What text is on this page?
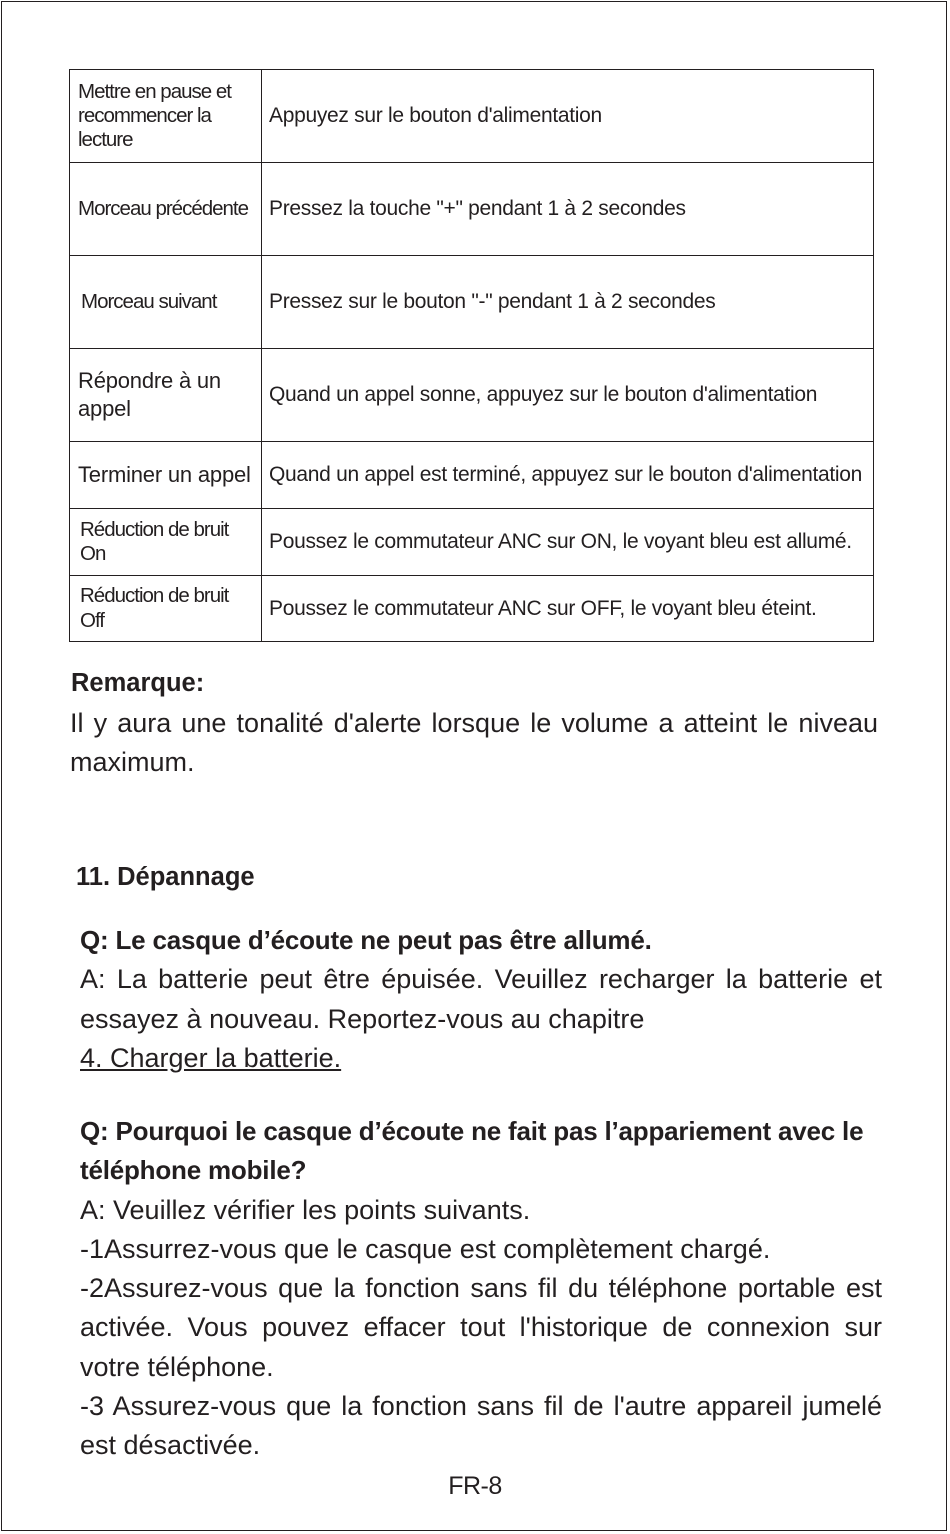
Mettre en pause et recommencer la lecture	Appuyez sur le bouton d'alimentation
Morceau précédente	Pressez la touche "+" pendant 1 à 2 secondes
Morceau suivant	Pressez sur le bouton "-" pendant 1 à 2 secondes
Répondre à un appel	Quand un appel sonne, appuyez sur le bouton d'alimentation
Terminer un appel	Quand un appel est terminé, appuyez sur le bouton d'alimentation
Réduction de bruit On	Poussez le commutateur ANC sur ON, le voyant bleu est allumé.
Réduction de bruit Off	Poussez le commutateur ANC sur OFF, le voyant bleu éteint.
Remarque:
Il y aura une tonalité d'alerte lorsque le volume a atteint le niveau maximum.
11. Dépannage
Q: Le casque d’écoute ne peut pas être allumé.
A: La batterie peut être épuisée. Veuillez recharger la batterie et essayez à nouveau. Reportez-vous au chapitre
4. Charger la batterie.
Q: Pourquoi le casque d’écoute ne fait pas l’appariement avec le téléphone mobile?
A: Veuillez vérifier les points suivants.
-1Assurrez-vous que le casque est complètement chargé.
-2Assurez-vous que la fonction sans fil du téléphone portable est activée. Vous pouvez effacer tout l'historique de connexion sur votre téléphone.
-3 Assurez-vous que la fonction sans fil de l'autre appareil jumelé est désactivée.
FR-8
